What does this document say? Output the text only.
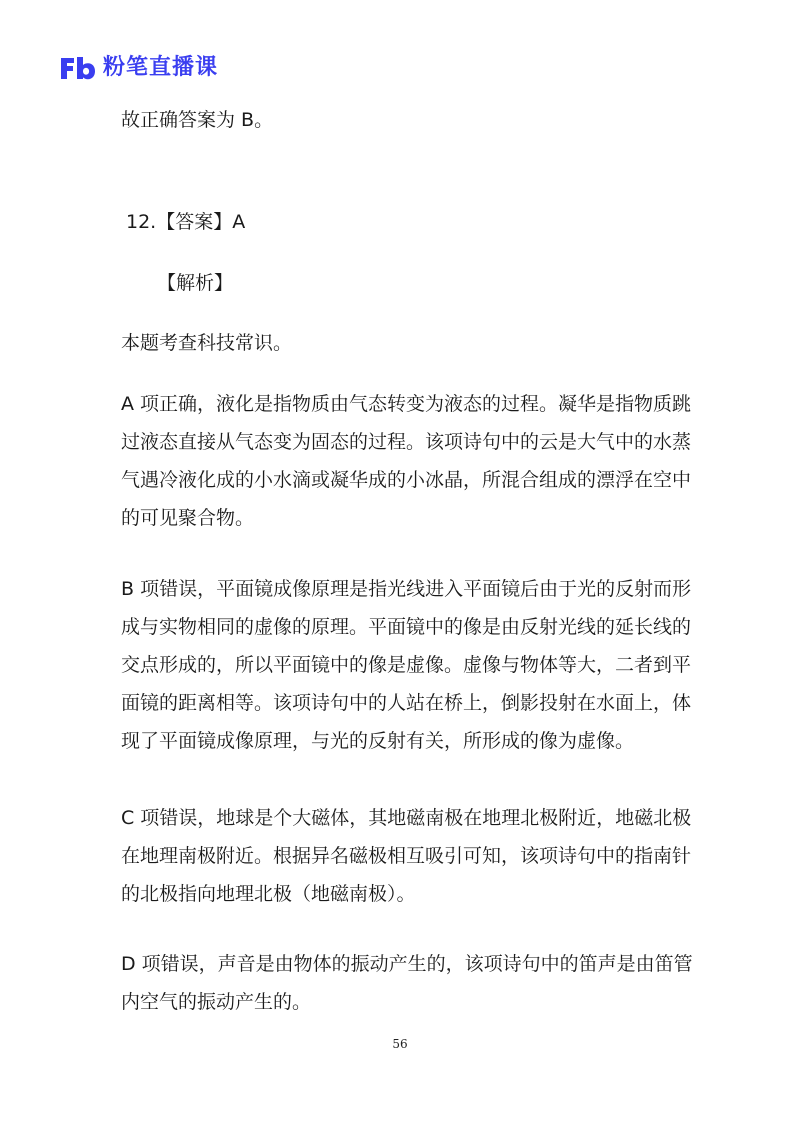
粉笔直播课

故正确答案为 B。

12.【答案】A

【解析】

本题考查科技常识。

A 项正确，液化是指物质由气态转变为液态的过程。凝华是指物质跳
过液态直接从气态变为固态的过程。该项诗句中的云是大气中的水蒸
气遇冷液化成的小水滴或凝华成的小冰晶，所混合组成的漂浮在空中
的可见聚合物。
B 项错误，平面镜成像原理是指光线进入平面镜后由于光的反射而形
成与实物相同的虚像的原理。平面镜中的像是由反射光线的延长线的
交点形成的，所以平面镜中的像是虚像。虚像与物体等大，二者到平
面镜的距离相等。该项诗句中的人站在桥上，倒影投射在水面上，体
现了平面镜成像原理，与光的反射有关，所形成的像为虚像。
C 项错误，地球是个大磁体，其地磁南极在地理北极附近，地磁北极
在地理南极附近。根据异名磁极相互吸引可知，该项诗句中的指南针
的北极指向地理北极（地磁南极）。
D 项错误，声音是由物体的振动产生的，该项诗句中的笛声是由笛管
内空气的振动产生的。
56
